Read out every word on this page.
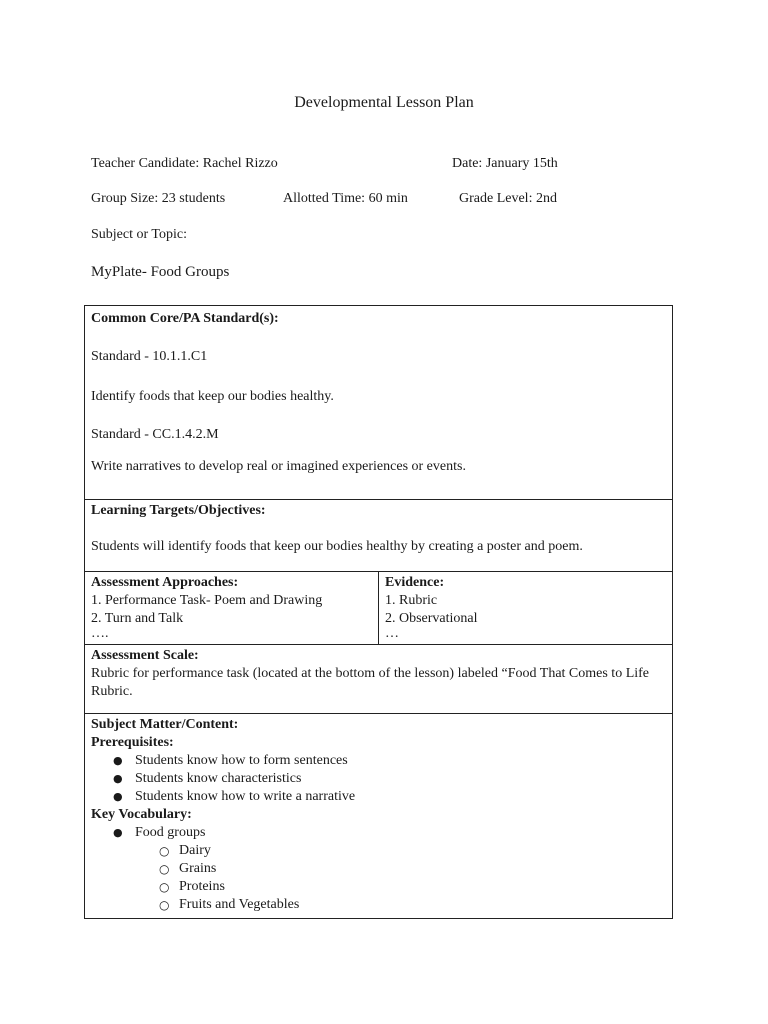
Developmental Lesson Plan
Teacher Candidate: Rachel Rizzo	Date: January 15th
Group Size: 23 students	Allotted Time: 60 min	Grade Level: 2nd
Subject or Topic:
MyPlate- Food Groups

Common Core/PA Standard(s):

Standard - 10.1.1.C1

Identify foods that keep our bodies healthy.

Standard - CC.1.4.2.M

Write narratives to develop real or imagined experiences or events.

Learning Targets/Objectives:
Students will identify foods that keep our bodies healthy by creating a poster and poem.

Assessment Approaches:
1. Performance Task- Poem and Drawing
2. Turn and Talk
….

Evidence:
1. Rubric
2. Observational
…

Assessment Scale:
Rubric for performance task (located at the bottom of the lesson) labeled “Food That Comes to Life Rubric.

Subject Matter/Content:
Prerequisites:
● Students know how to form sentences
● Students know characteristics
● Students know how to write a narrative
Key Vocabulary:
● Food groups
○ Dairy
○ Grains
○ Proteins
○ Fruits and Vegetables
